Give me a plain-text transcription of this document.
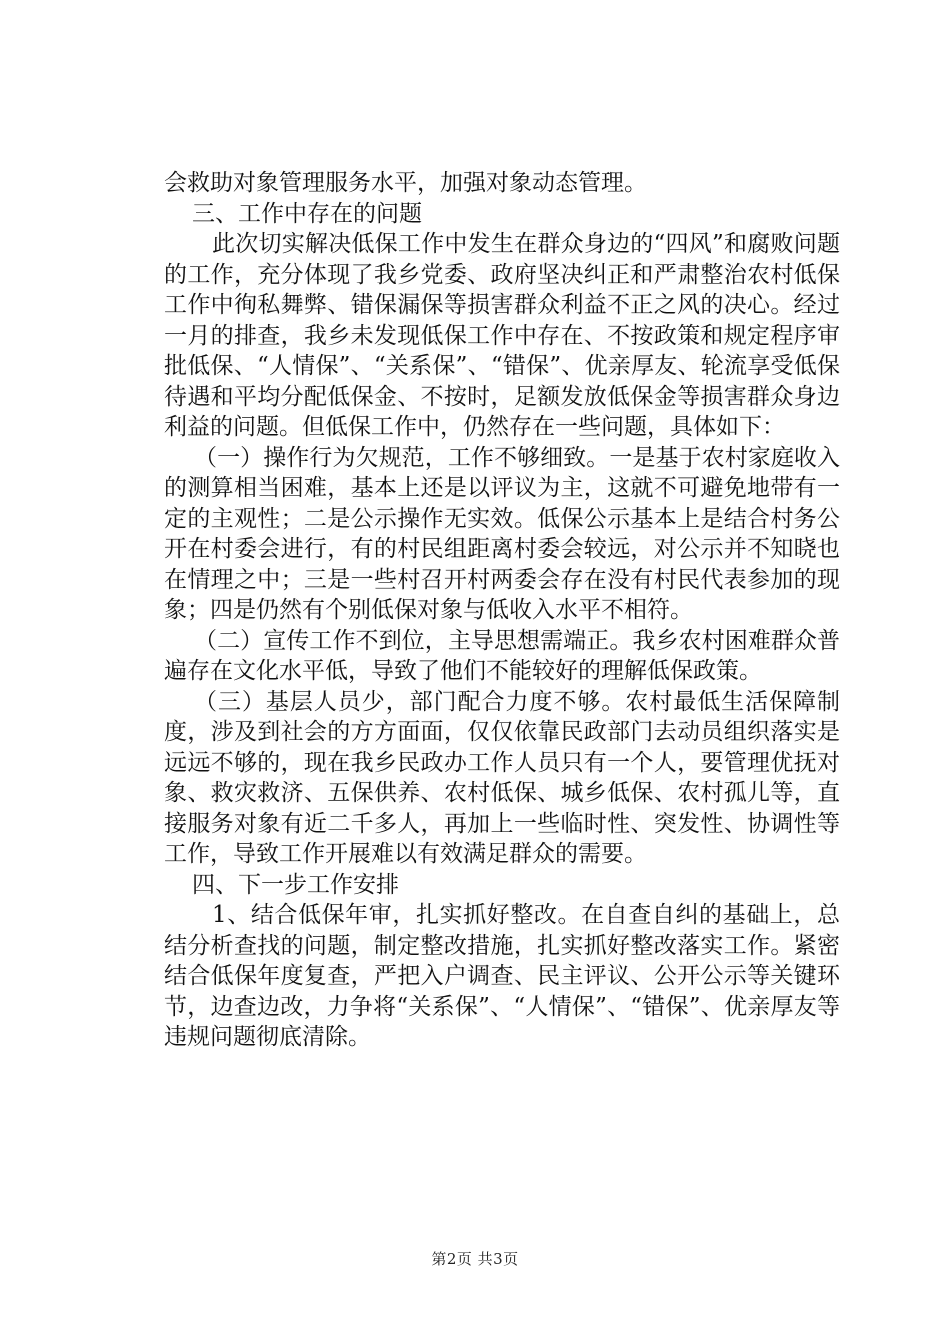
会救助对象管理服务水平，加强对象动态管理。

三、工作中存在的问题

此次切实解决低保工作中发生在群众身边的“四风”和腐败问题的工作，充分体现了我乡党委、政府坚决纠正和严肃整治农村低保工作中徇私舞弊、错保漏保等损害群众利益不正之风的决心。经过一月的排查，我乡未发现低保工作中存在、不按政策和规定程序审批低保、“人情保”、“关系保”、“错保”、优亲厚友、轮流享受低保待遇和平均分配低保金、不按时，足额发放低保金等损害群众身边利益的问题。但低保工作中，仍然存在一些问题，具体如下：

（一）操作行为欠规范，工作不够细致。一是基于农村家庭收入的测算相当困难，基本上还是以评议为主，这就不可避免地带有一定的主观性；二是公示操作无实效。低保公示基本上是结合村务公开在村委会进行，有的村民组距离村委会较远，对公示并不知晓也在情理之中；三是一些村召开村两委会存在没有村民代表参加的现象；四是仍然有个别低保对象与低收入水平不相符。

（二）宣传工作不到位，主导思想需端正。我乡农村困难群众普遍存在文化水平低，导致了他们不能较好的理解低保政策。

（三）基层人员少，部门配合力度不够。农村最低生活保障制度，涉及到社会的方方面面，仅仅依靠民政部门去动员组织落实是远远不够的，现在我乡民政办工作人员只有一个人，要管理优抚对象、救灾救济、五保供养、农村低保、城乡低保、农村孤儿等，直接服务对象有近二千多人，再加上一些临时性、突发性、协调性等工作，导致工作开展难以有效满足群众的需要。

四、下一步工作安排

1、结合低保年审，扎实抓好整改。在自查自纠的基础上，总结分析查找的问题，制定整改措施，扎实抓好整改落实工作。紧密结合低保年度复查，严把入户调查、民主评议、公开公示等关键环节，边查边改，力争将“关系保”、“人情保”、“错保”、优亲厚友等违规问题彻底清除。

第2页 共3页
